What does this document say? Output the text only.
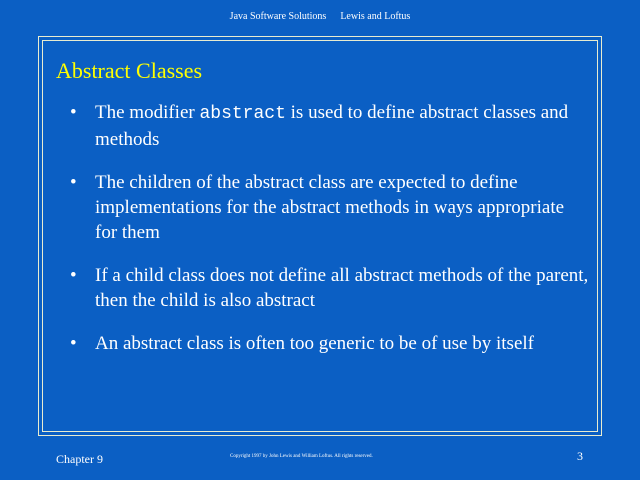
Java Software Solutions Lewis and Loftus
Abstract Classes
• The modifier abstract is used to define abstract classes and methods
• The children of the abstract class are expected to define implementations for the abstract methods in ways appropriate for them
• If a child class does not define all abstract methods of the parent, then the child is also abstract
• An abstract class is often too generic to be of use by itself
Chapter 9	Copyright 1997 by John Lewis and William Loftus. All rights reserved.	3
